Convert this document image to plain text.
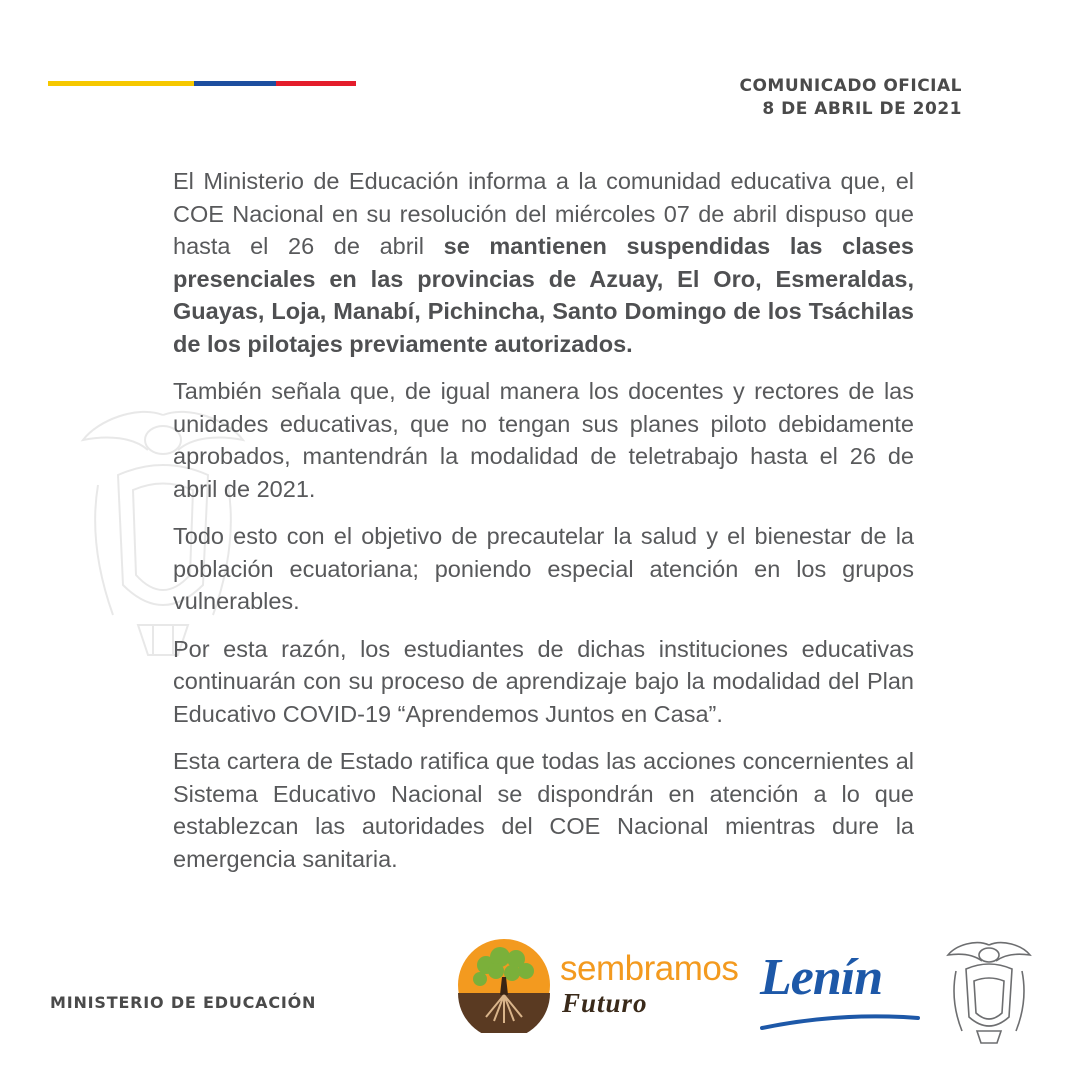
COMUNICADO OFICIAL
8 DE ABRIL DE 2021

El Ministerio de Educación informa a la comunidad educativa que, el COE Nacional en su resolución del miércoles 07 de abril dispuso que hasta el 26 de abril se mantienen suspendidas las clases presenciales en las provincias de Azuay, El Oro, Esmeraldas, Guayas, Loja, Manabí, Pichincha, Santo Domingo de los Tsáchilas de los pilotajes previamente autorizados.

También señala que, de igual manera los docentes y rectores de las unidades educativas, que no tengan sus planes piloto debidamente aprobados, mantendrán la modalidad de teletrabajo hasta el 26 de abril de 2021.

Todo esto con el objetivo de precautelar la salud y el bienestar de la población ecuatoriana; poniendo especial atención en los grupos vulnerables.

Por esta razón, los estudiantes de dichas instituciones educativas continuarán con su proceso de aprendizaje bajo la modalidad del Plan Educativo COVID-19 “Aprendemos Juntos en Casa”.

Esta cartera de Estado ratifica que todas las acciones concernientes al Sistema Educativo Nacional se dispondrán en atención a lo que establezcan las autoridades del COE Nacional mientras dure la emergencia sanitaria.

MINISTERIO DE EDUCACIÓN
sembramos
Futuro	Lenín
